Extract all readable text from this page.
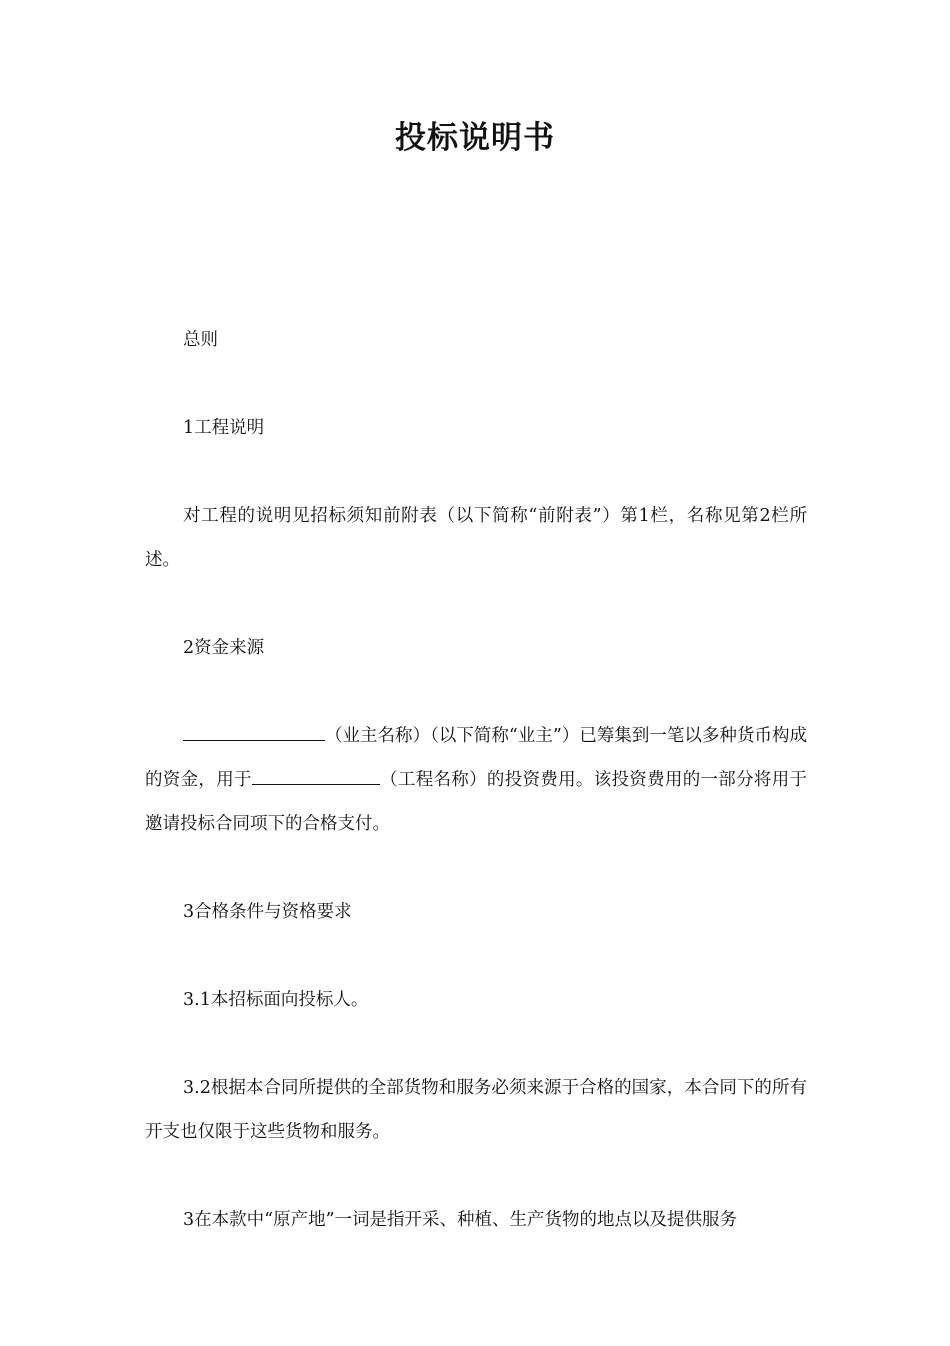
投标说明书

总则

1工程说明

对工程的说明见招标须知前附表（以下简称“前附表”）第1栏，名称见第2栏所述。

2资金来源

（业主名称）（以下简称“业主”）已筹集到一笔以多种货币构成的资金，用于	（工程名称）的投资费用。该投资费用的一部分将用于邀请投标合同项下的合格支付。

3合格条件与资格要求

3.1本招标面向投标人。

3.2根据本合同所提供的全部货物和服务必须来源于合格的国家，本合同下的所有开支也仅限于这些货物和服务。

3在本款中“原产地”一词是指开采、种植、生产货物的地点以及提供服务
